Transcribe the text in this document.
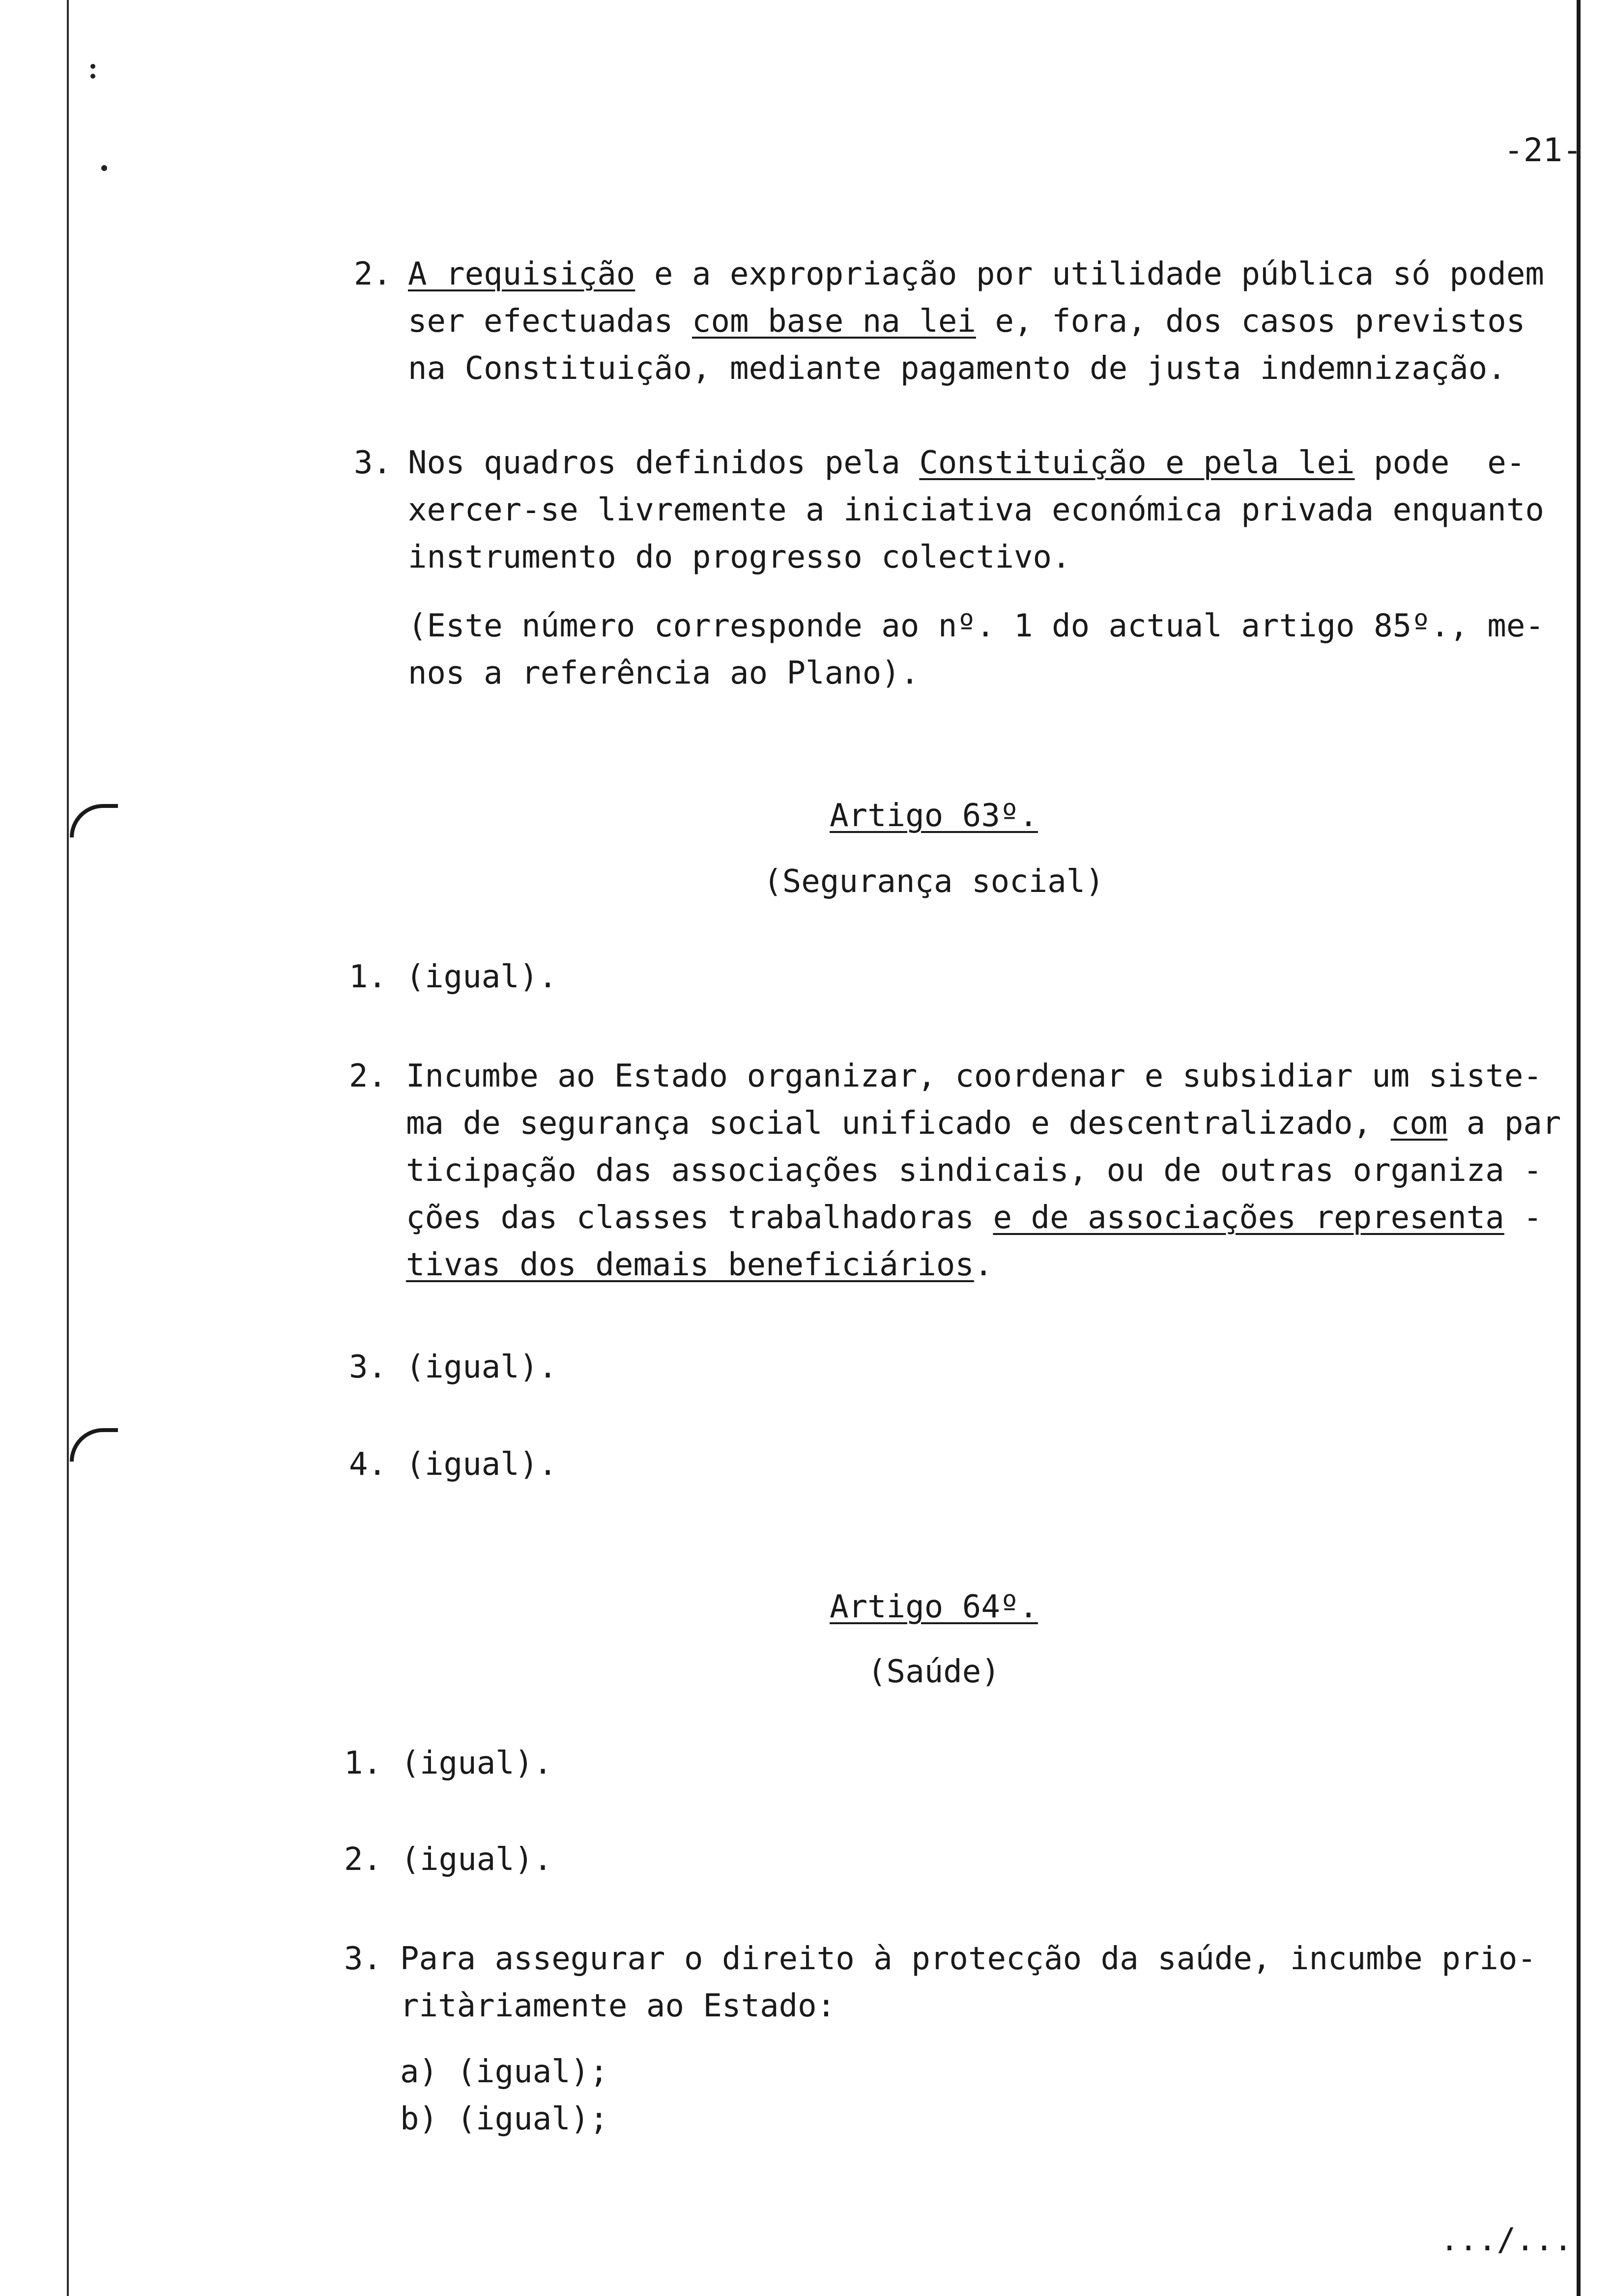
-21-
2. A requisição e a expropriação por utilidade pública só podem
ser efectuadas com base na lei e, fora, dos casos previstos
na Constituição, mediante pagamento de justa indemnização.
3. Nos quadros definidos pela Constituição e pela lei pode  e-
xercer-se livremente a iniciativa económica privada enquanto
instrumento do progresso colectivo.
(Este número corresponde ao nº. 1 do actual artigo 85º., me-
nos a referência ao Plano).
Artigo 63º.
(Segurança social)
1. (igual).
2. Incumbe ao Estado organizar, coordenar e subsidiar um siste-
ma de segurança social unificado e descentralizado, com a par
ticipação das associações sindicais, ou de outras organiza -
ções das classes trabalhadoras e de associações representa -
tivas dos demais beneficiários.
3. (igual).
4. (igual).
Artigo 64º.
(Saúde)
1. (igual).
2. (igual).
3. Para assegurar o direito à protecção da saúde, incumbe prio-
ritàriamente ao Estado:
a) (igual);
b) (igual);
.../...
